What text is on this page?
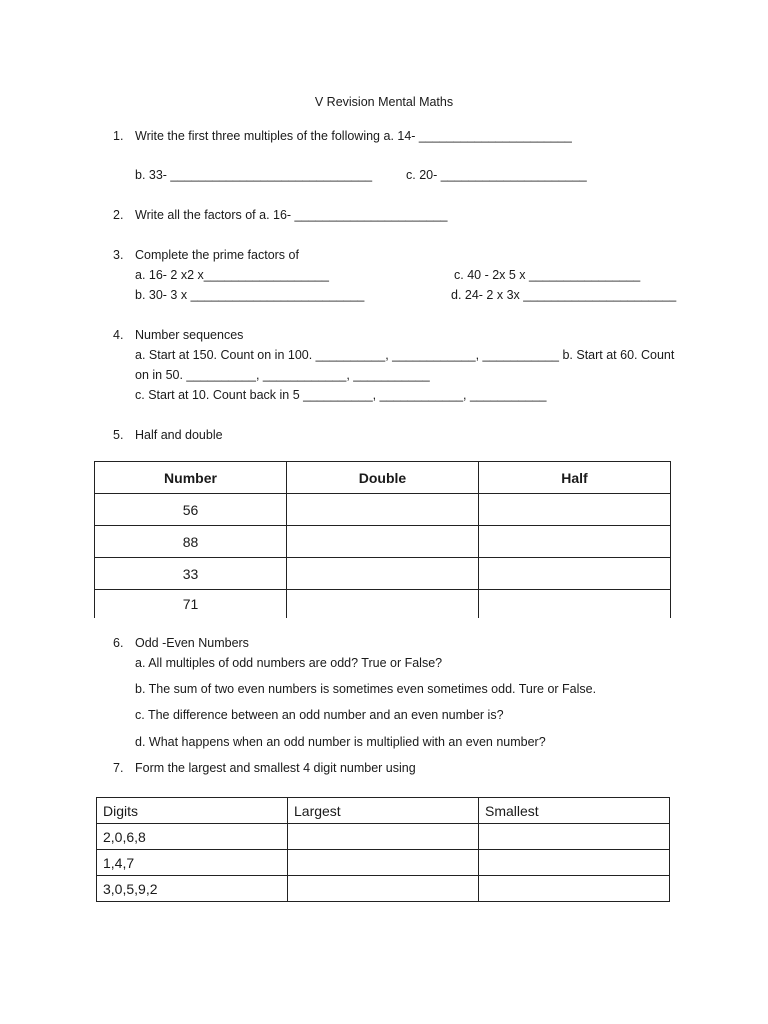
V Revision Mental Maths
1. Write the first three multiples of the following a. 14- ______________________
b. 33- _____________________________	c. 20- _____________________
2. Write all the factors of a. 16- ______________________
3. Complete the prime factors of
a. 16- 2 x2 x__________________	c. 40 - 2x 5 x ________________
b. 30- 3 x _________________________	d. 24- 2 x 3x ______________________
4. Number sequences
a. Start at 150. Count on in 100. __________, ____________, ___________ b. Start at 60. Count
on in 50. __________, ____________, ___________
c. Start at 10. Count back in 5 __________, ____________, ___________
5. Half and double
Number	Double	Half
56		
88		
33		
71		
6. Odd -Even Numbers
a. All multiples of odd numbers are odd? True or False?
b. The sum of two even numbers is sometimes even sometimes odd. Ture or False.
c. The difference between an odd number and an even number is?
d. What happens when an odd number is multiplied with an even number?
7. Form the largest and smallest 4 digit number using
Digits	Largest	Smallest
2,0,6,8		
1,4,7		
3,0,5,9,2		
